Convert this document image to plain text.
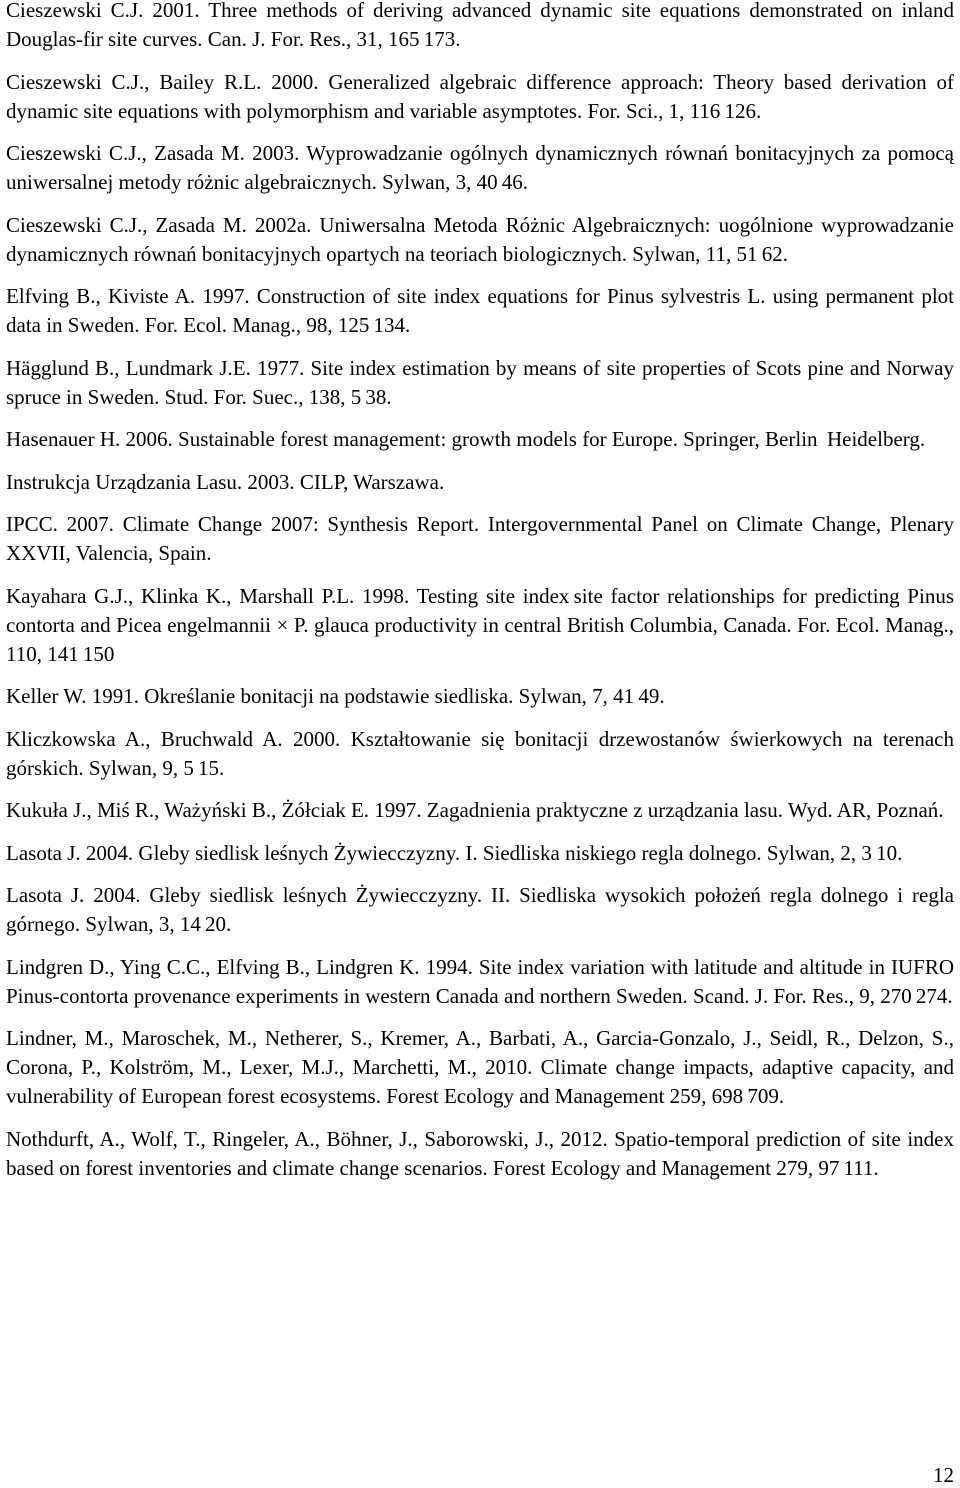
Cieszewski C.J. 2001. Three methods of deriving advanced dynamic site equations demonstrated on inland Douglas-fir site curves. Can. J. For. Res., 31, 165 173.

Cieszewski C.J., Bailey R.L. 2000. Generalized algebraic difference approach: Theory based derivation of dynamic site equations with polymorphism and variable asymptotes. For. Sci., 1, 116 126.

Cieszewski C.J., Zasada M. 2003. Wyprowadzanie ogólnych dynamicznych równań bonitacyjnych za pomocą uniwersalnej metody różnic algebraicznych. Sylwan, 3, 40 46.

Cieszewski C.J., Zasada M. 2002a. Uniwersalna Metoda Różnic Algebraicznych: uogólnione wyprowadzanie dynamicznych równań bonitacyjnych opartych na teoriach biologicznych. Sylwan, 11, 51 62.

Elfving B., Kiviste A. 1997. Construction of site index equations for Pinus sylvestris L. using permanent plot data in Sweden. For. Ecol. Manag., 98, 125 134.

Hägglund B., Lundmark J.E. 1977. Site index estimation by means of site properties of Scots pine and Norway spruce in Sweden. Stud. For. Suec., 138, 5 38.

Hasenauer H. 2006. Sustainable forest management: growth models for Europe. Springer, Berlin  Heidelberg.

Instrukcja Urządzania Lasu. 2003. CILP, Warszawa.

IPCC. 2007. Climate Change 2007: Synthesis Report. Intergovernmental Panel on Climate Change, Plenary XXVII, Valencia, Spain.

Kayahara G.J., Klinka K., Marshall P.L. 1998. Testing site index site factor relationships for predicting Pinus contorta and Picea engelmannii × P. glauca productivity in central British Columbia, Canada. For. Ecol. Manag., 110, 141 150

Keller W. 1991. Określanie bonitacji na podstawie siedliska. Sylwan, 7, 41 49.

Kliczkowska A., Bruchwald A. 2000. Kształtowanie się bonitacji drzewostanów świerkowych na terenach górskich. Sylwan, 9, 5 15.

Kukuła J., Miś R., Ważyński B., Żółciak E. 1997. Zagadnienia praktyczne z urządzania lasu. Wyd. AR, Poznań.

Lasota J. 2004. Gleby siedlisk leśnych Żywiecczyzny. I. Siedliska niskiego regla dolnego. Sylwan, 2, 3 10.

Lasota J. 2004. Gleby siedlisk leśnych Żywiecczyzny. II. Siedliska wysokich położeń regla dolnego i regla górnego. Sylwan, 3, 14 20.

Lindgren D., Ying C.C., Elfving B., Lindgren K. 1994. Site index variation with latitude and altitude in IUFRO Pinus-contorta provenance experiments in western Canada and northern Sweden. Scand. J. For. Res., 9, 270 274.

Lindner, M., Maroschek, M., Netherer, S., Kremer, A., Barbati, A., Garcia-Gonzalo, J., Seidl, R., Delzon, S., Corona, P., Kolström, M., Lexer, M.J., Marchetti, M., 2010. Climate change impacts, adaptive capacity, and vulnerability of European forest ecosystems. Forest Ecology and Management 259, 698 709.

Nothdurft, A., Wolf, T., Ringeler, A., Böhner, J., Saborowski, J., 2012. Spatio-temporal prediction of site index based on forest inventories and climate change scenarios. Forest Ecology and Management 279, 97 111.

12
